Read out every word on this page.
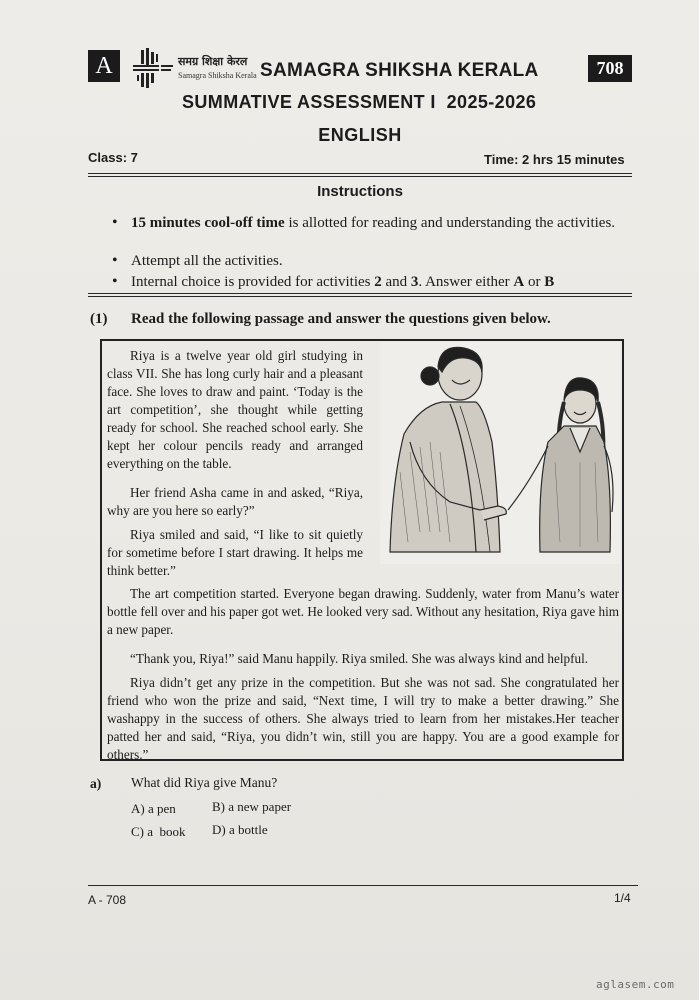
A	समग्र शिक्षा केरल
Samagra Shiksha Kerala SAMAGRA SHIKSHA KERALA	708
SUMMATIVE ASSESSMENT I  2025-2026
ENGLISH
Class: 7	Time: 2 hrs 15 minutes
Instructions
• 15 minutes cool-off time is allotted for reading and understanding the activities.
• Attempt all the activities.
• Internal choice is provided for activities 2 and 3. Answer either A or B
(1) Read the following passage and answer the questions given below.
Riya is a twelve year old girl studying in class VII. She has long curly hair and a pleasant face. She loves to draw and paint. ‘Today is the art competition’, she thought while getting ready for school. She reached school early. She kept her colour pencils ready and arranged everything on the table.
Her friend Asha came in and asked, “Riya, why are you here so early?”
Riya smiled and said, “I like to sit quietly for sometime before I start drawing. It helps me think better.”
The art competition started. Everyone began drawing. Suddenly, water from Manu’s water bottle fell over and his paper got wet. He looked very sad. Without any hesitation, Riya gave him a new paper.
“Thank you, Riya!” said Manu happily. Riya smiled. She was always kind and helpful.
Riya didn’t get any prize in the competition. But she was not sad. She congratulated her friend who won the prize and said, “Next time, I will try to make a better drawing.” She washappy in the success of others. She always tried to learn from her mistakes.Her teacher patted her and said, “Riya, you didn’t win, still you are happy. You are a good example for others.”
a) What did Riya give Manu?
A) a pen	B) a new paper
C) a  book D) a bottle
A - 708	1/4
aglasem.com
